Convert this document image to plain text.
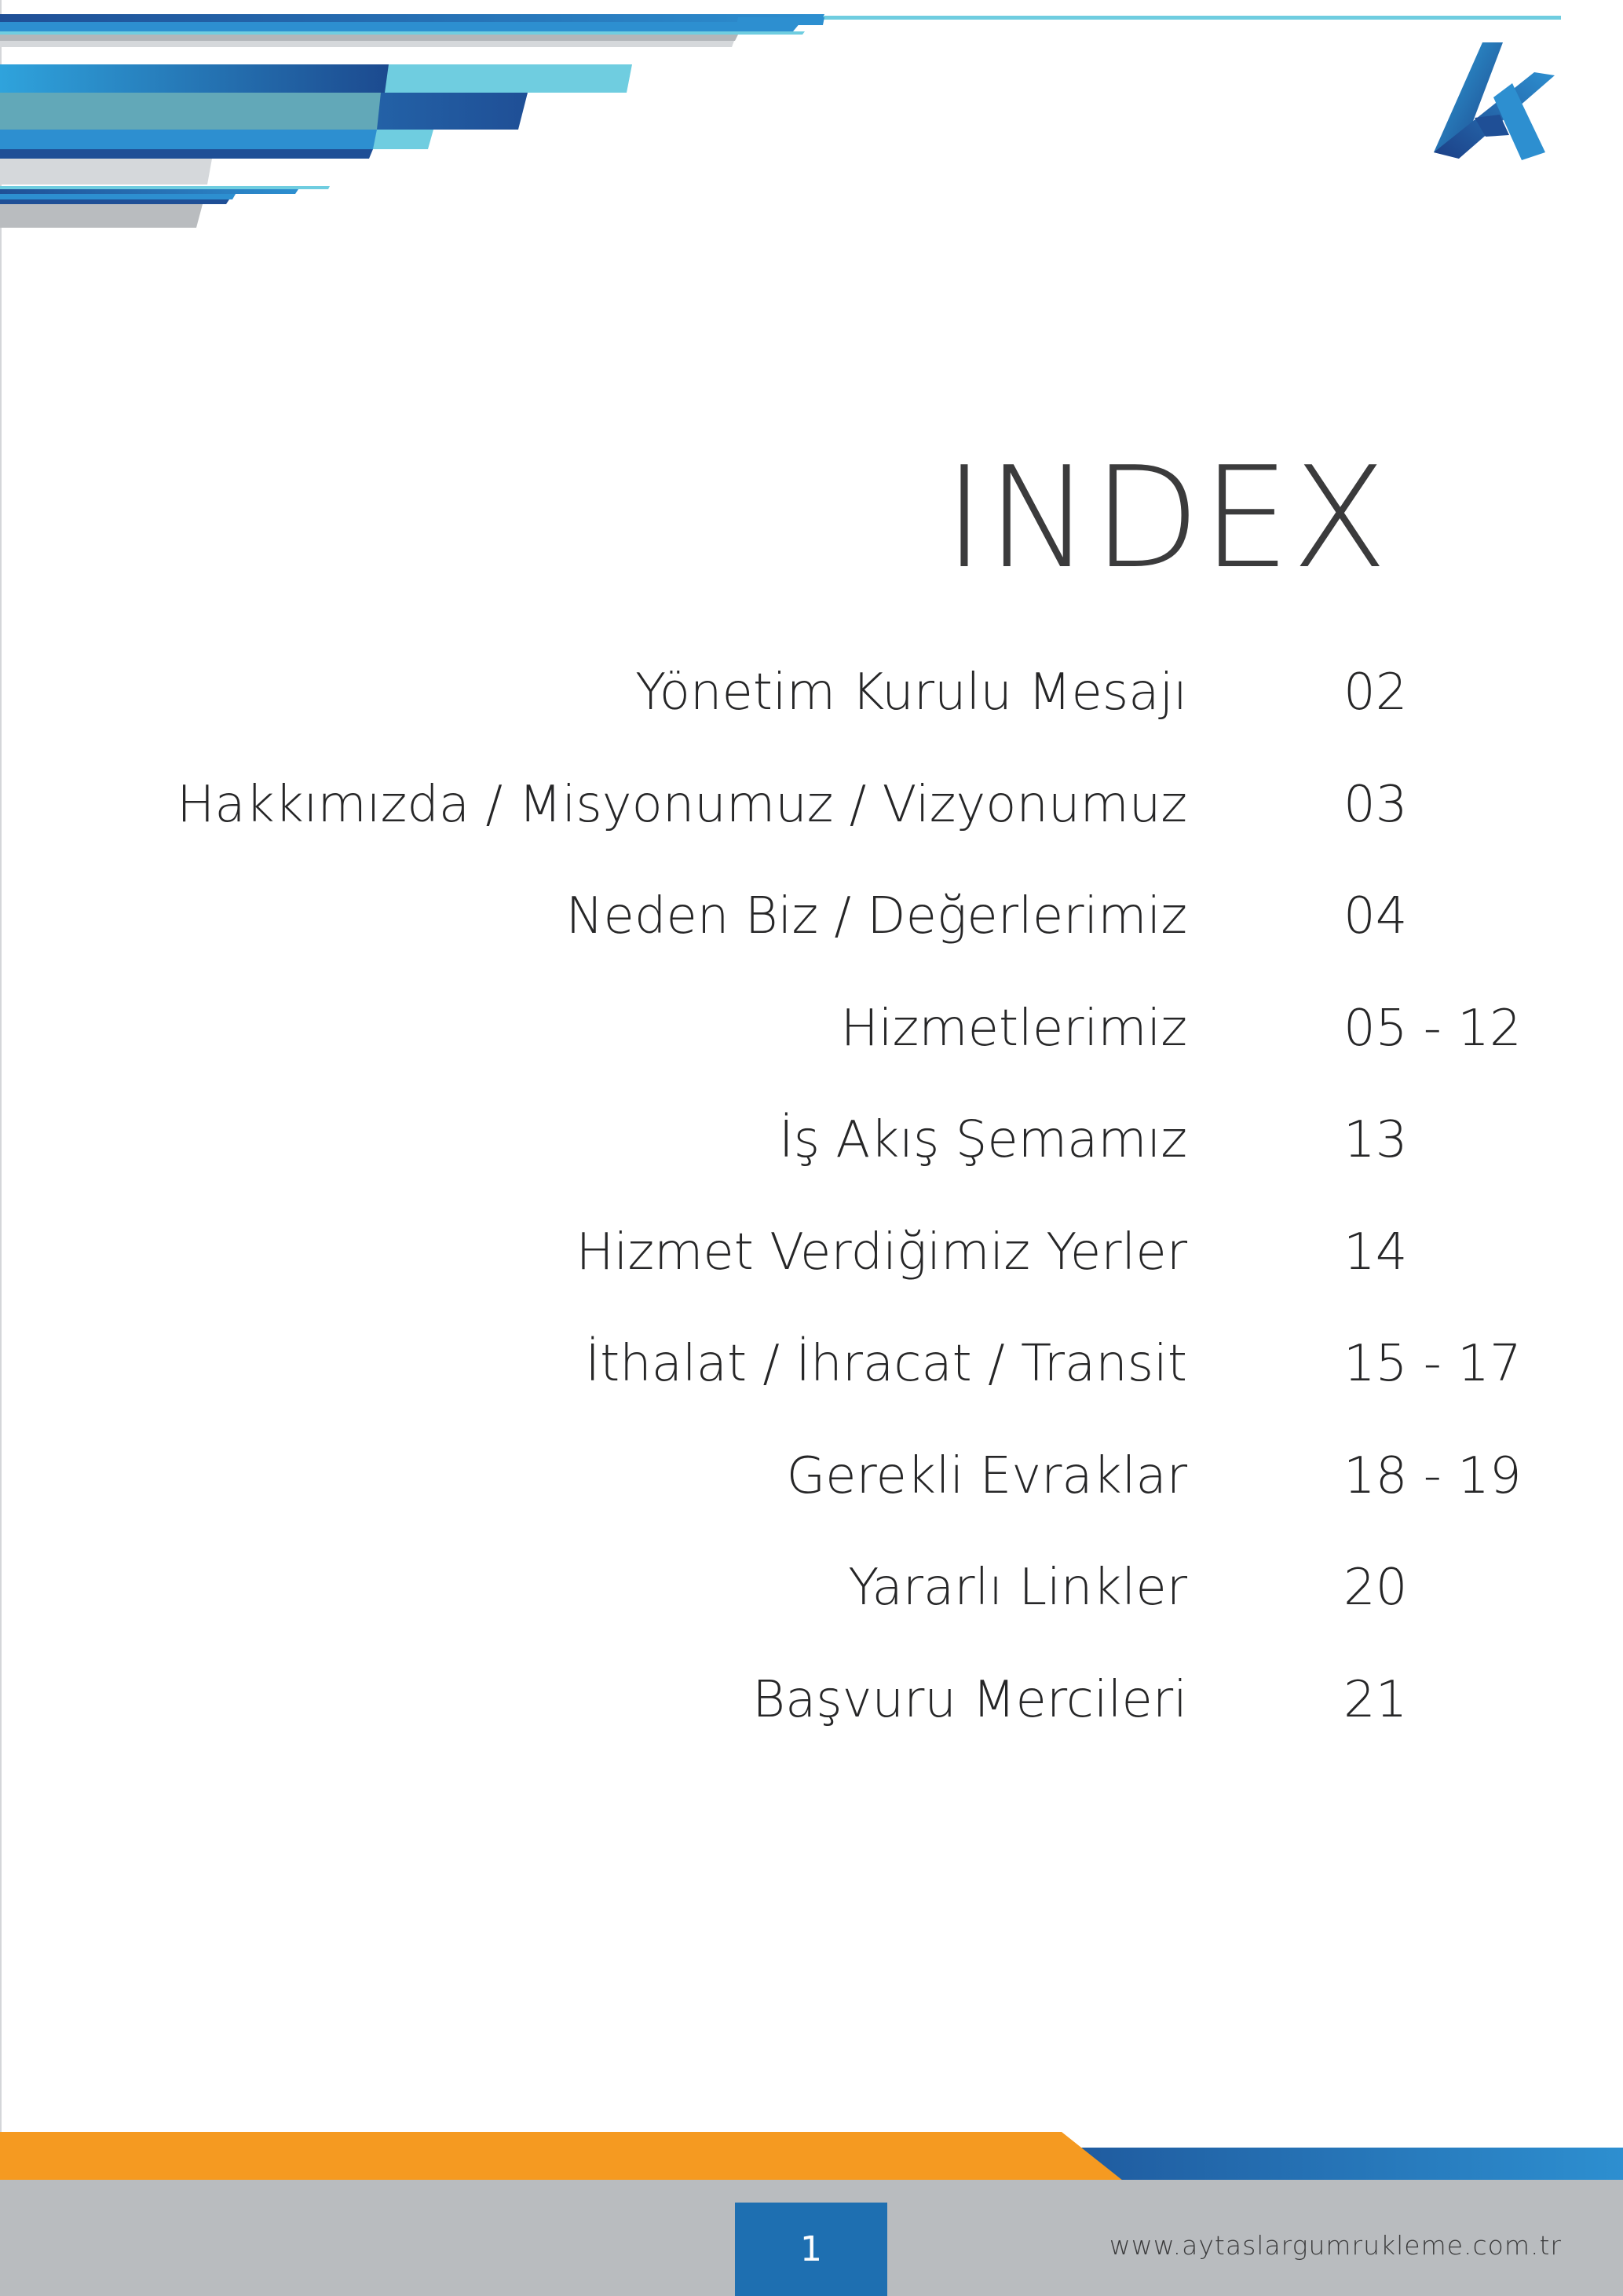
INDEX
Yönetim Kurulu Mesajı	02
Hakkımızda / Misyonumuz / Vizyonumuz	03
Neden Biz / Değerlerimiz	04
Hizmetlerimiz	05 - 12
İş Akış Şemamız	13
Hizmet Verdiğimiz Yerler	14
İthalat / İhracat / Transit	15 - 17
Gerekli Evraklar	18 - 19
Yararlı Linkler	20
Başvuru Mercileri	21
1	www.aytaslargumrukleme.com.tr
